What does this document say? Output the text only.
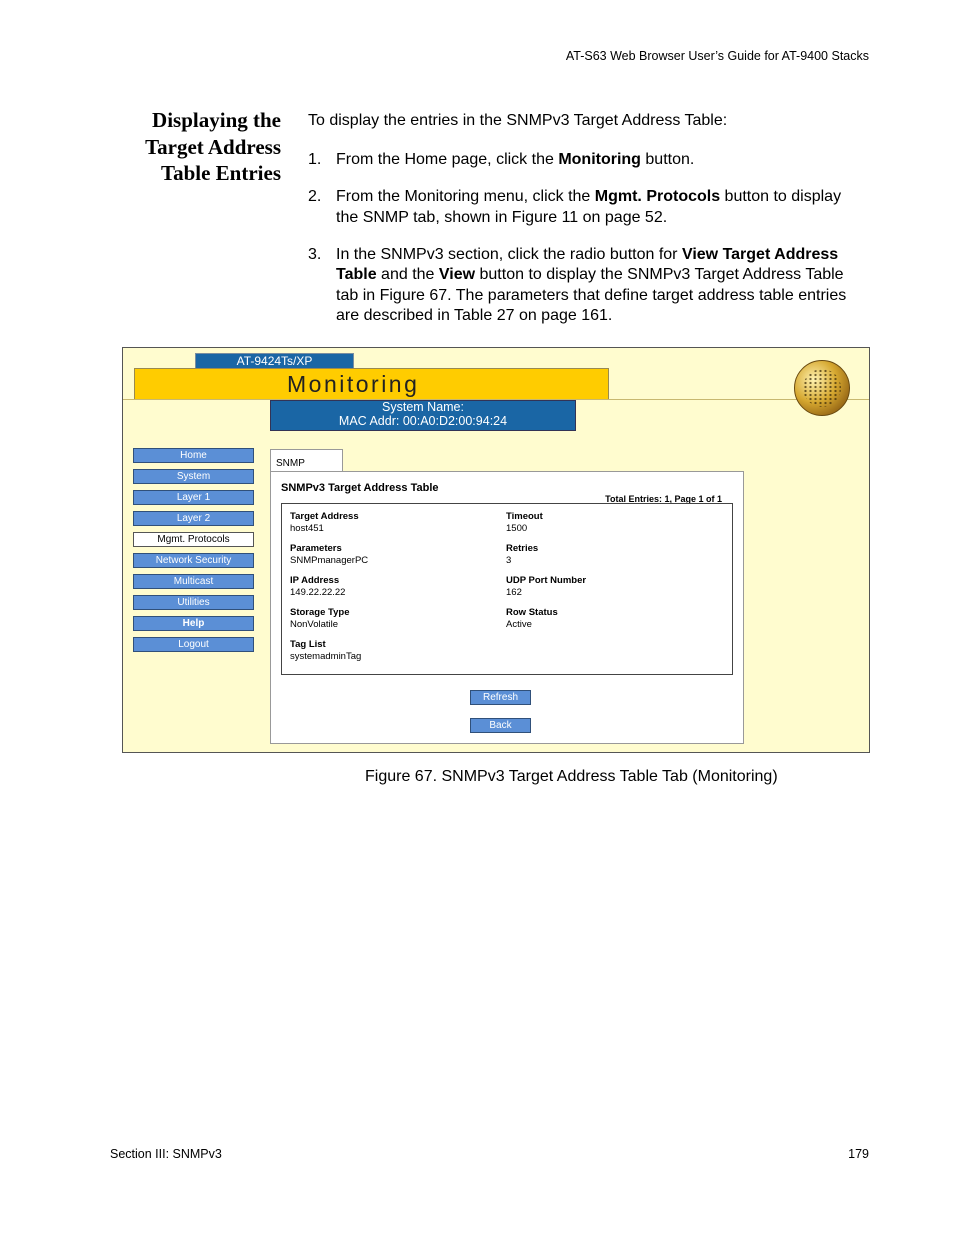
AT-S63 Web Browser User’s Guide for AT-9400 Stacks
Displaying the
Target Address
Table Entries
To display the entries in the SNMPv3 Target Address Table:
1. From the Home page, click the Monitoring button.
2. From the Monitoring menu, click the Mgmt. Protocols button to display the SNMP tab, shown in Figure 11 on page 52.
3. In the SNMPv3 section, click the radio button for View Target Address Table and the View button to display the SNMPv3 Target Address Table tab in Figure 67. The parameters that define target address table entries are described in Table 27 on page 161.
AT-9424Ts/XP
Monitoring
System Name:
MAC Addr: 00:A0:D2:00:94:24
Home
System
Layer 1
Layer 2
Mgmt. Protocols
Network Security
Multicast
Utilities
Help
Logout
SNMP
SNMPv3 Target Address Table
Total Entries: 1, Page 1 of 1
Target Address
host451
Timeout
1500
Parameters
SNMPmanagerPC
Retries
3
IP Address
149.22.22.22
UDP Port Number
162
Storage Type
NonVolatile
Row Status
Active
Tag List
systemadminTag
Refresh
Back
Figure 67. SNMPv3 Target Address Table Tab (Monitoring)
Section III: SNMPv3	179
